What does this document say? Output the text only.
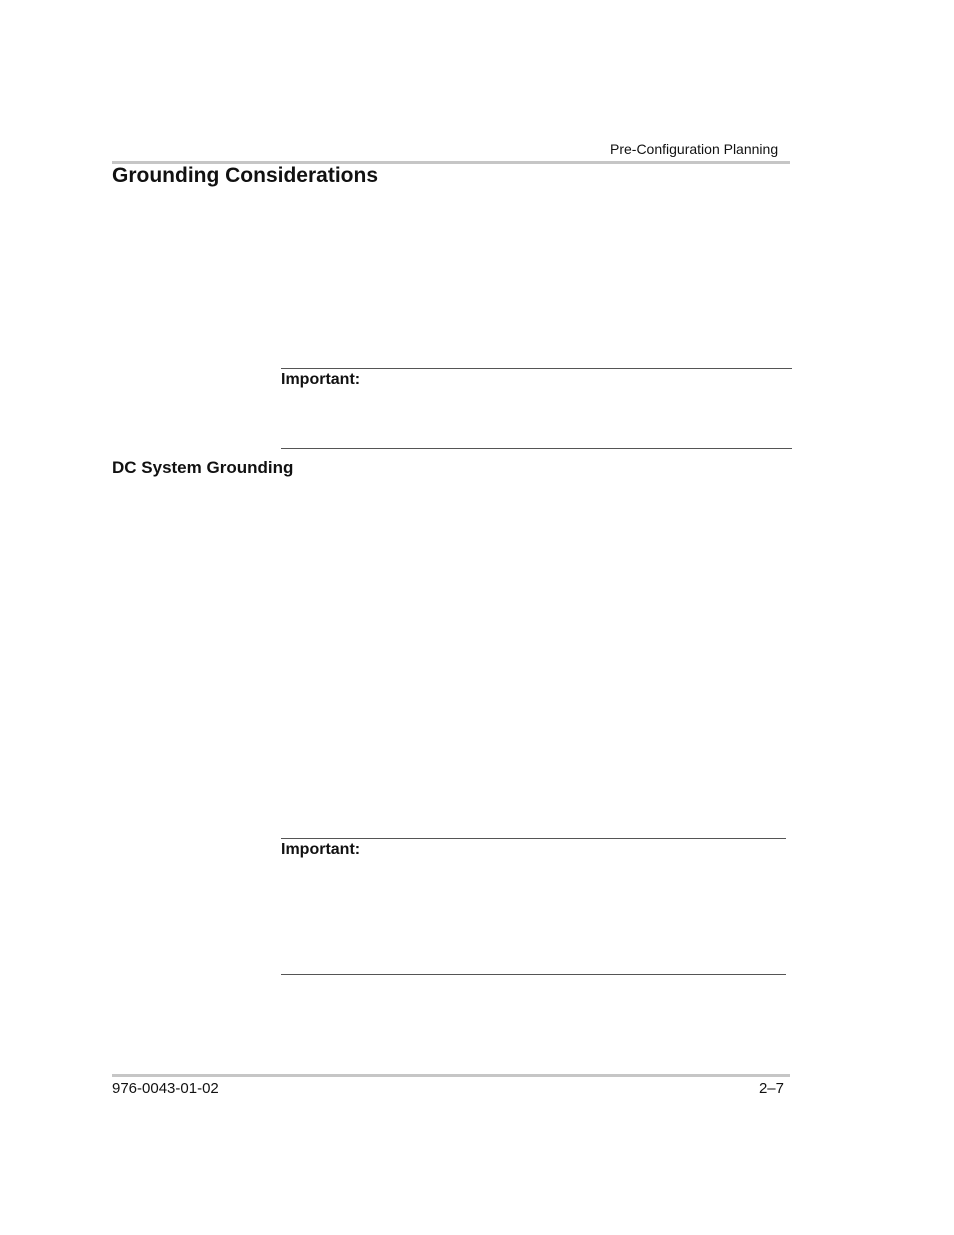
Pre-Configuration Planning
Grounding Considerations
Important:
DC System Grounding
Important:
976-0043-01-02	2–7
